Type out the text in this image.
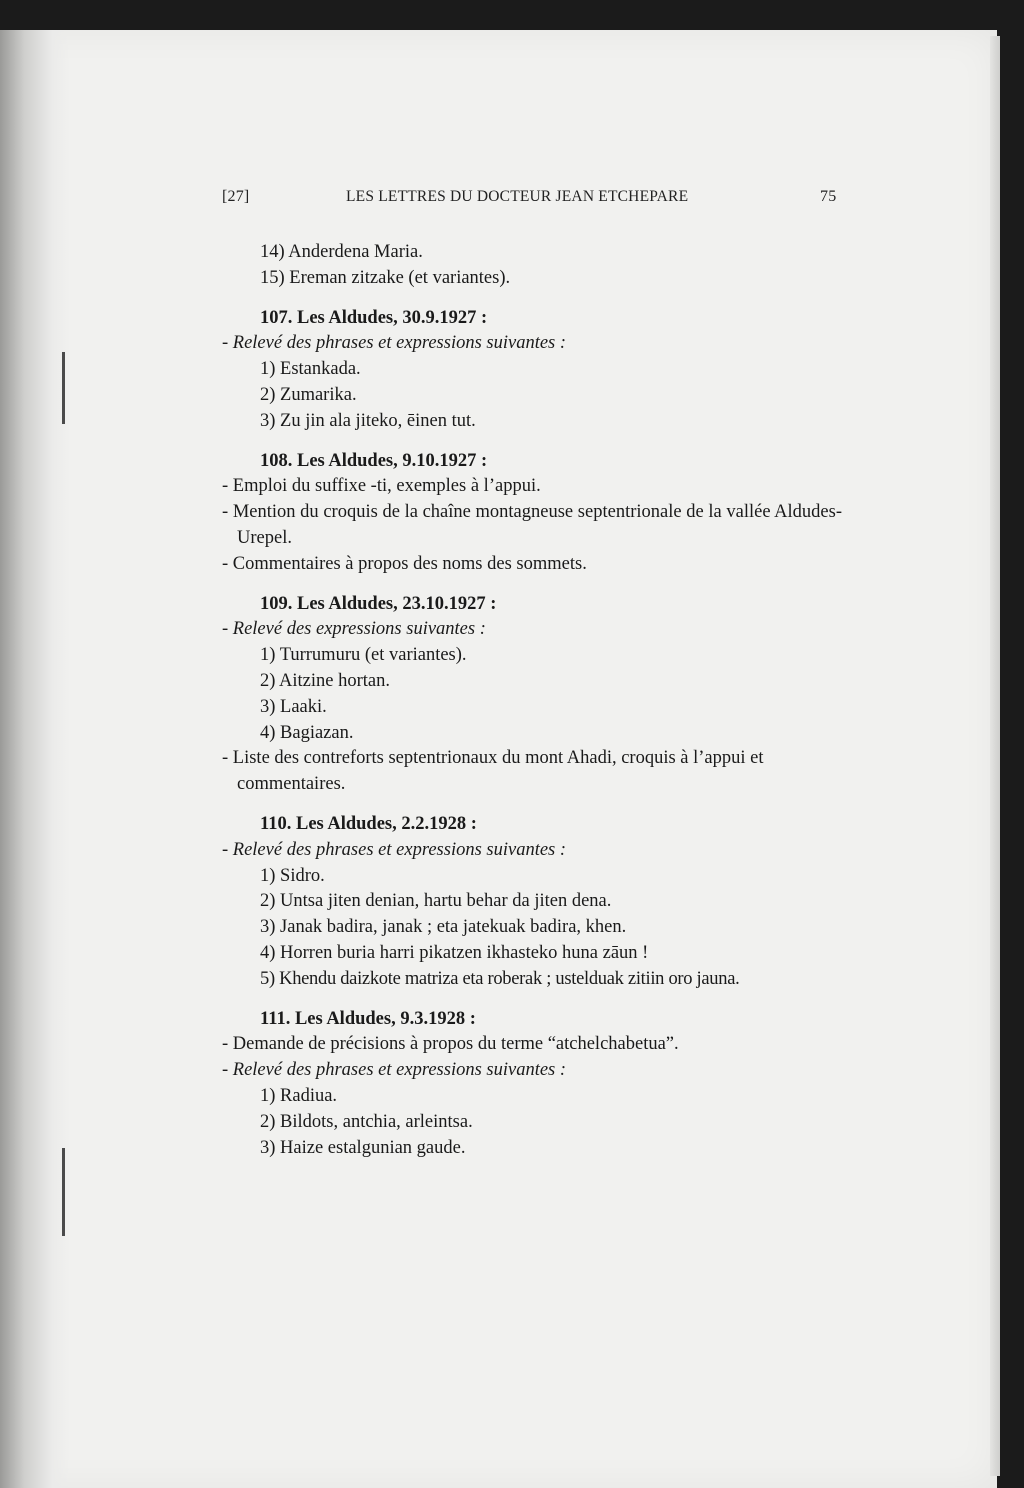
[27]	LES LETTRES DU DOCTEUR JEAN ETCHEPARE	75
14) Anderdena Maria.
15) Ereman zitzake (et variantes).
107. Les Aldudes, 30.9.1927 :
- Relevé des phrases et expressions suivantes :
1) Estankada.
2) Zumarika.
3) Zu jin ala jiteko, ēinen tut.
108. Les Aldudes, 9.10.1927 :
- Emploi du suffixe -ti, exemples à l’appui.
- Mention du croquis de la chaîne montagneuse septentrionale de la vallée Aldudes-Urepel.
- Commentaires à propos des noms des sommets.
109. Les Aldudes, 23.10.1927 :
- Relevé des expressions suivantes :
1) Turrumuru (et variantes).
2) Aitzine hortan.
3) Laaki.
4) Bagiazan.
- Liste des contreforts septentrionaux du mont Ahadi, croquis à l’appui et commentaires.
110. Les Aldudes, 2.2.1928 :
- Relevé des phrases et expressions suivantes :
1) Sidro.
2) Untsa jiten denian, hartu behar da jiten dena.
3) Janak badira, janak ; eta jatekuak badira, khen.
4) Horren buria harri pikatzen ikhasteko huna zāun !
5) Khendu daizkote matriza eta roberak ; ustelduak zitiin oro jauna.
111. Les Aldudes, 9.3.1928 :
- Demande de précisions à propos du terme “atchelchabetua”.
- Relevé des phrases et expressions suivantes :
1) Radiua.
2) Bildots, antchia, arleintsa.
3) Haize estalgunian gaude.
